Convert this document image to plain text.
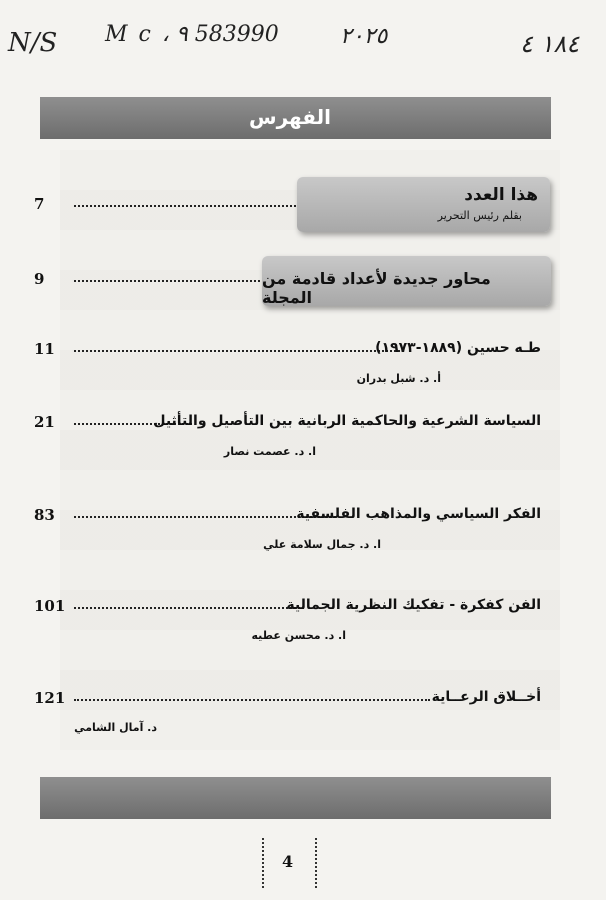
N/S M c ، ٩ 583990	٢٠٢٥	١٨٤ ٤
الفهرس
7	هذا العدد
بقلم رئيس التحرير
9	محاور جديدة لأعداد قادمة من المجلة
11	طـه حسين (١٨٨٩-١٩٧٣)
أ. د. شبل بدران
21	السياسة الشرعية والحاكمية الربانية بين التأصيل والتأثيل
ا. د. عصمت نصار
83	الفكر السياسي والمذاهب الفلسفية
ا. د. جمال سلامة علي
101	الفن كفكرة - تفكيك النظرية الجمالية
ا. د. محسن عطيه
121	أخــلاق الرعــاية
د. آمال الشامي
4
